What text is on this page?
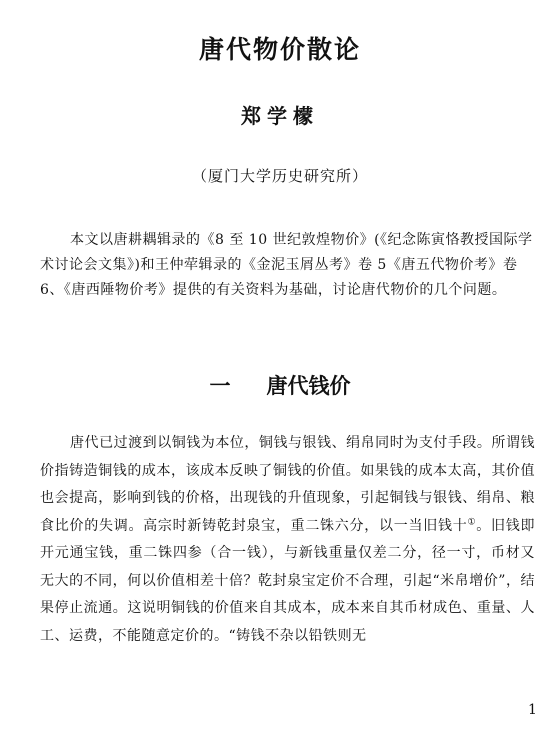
唐代物价散论
郑学檬
（厦门大学历史研究所）

本文以唐耕耦辑录的《8 至 10 世纪敦煌物价》(《纪念陈寅恪教授国际学术讨论会文集》)和王仲荦辑录的《金泥玉屑丛考》卷 5《唐五代物价考》卷 6、《唐西陲物价考》提供的有关资料为基础，讨论唐代物价的几个问题。

一 唐代钱价

唐代已过渡到以铜钱为本位，铜钱与银钱、绢帛同时为支付手段。所谓钱价指铸造铜钱的成本，该成本反映了铜钱的价值。如果钱的成本太高，其价值也会提高，影响到钱的价格，出现钱的升值现象，引起铜钱与银钱、绢帛、粮食比价的失调。高宗时新铸乾封泉宝，重二铢六分，以一当旧钱十①。旧钱即开元通宝钱，重二铢四参（合一钱），与新钱重量仅差二分，径一寸，币材又无大的不同，何以价值相差十倍？乾封泉宝定价不合理，引起“米帛增价”，结果停止流通。这说明铜钱的价值来自其成本，成本来自其币材成色、重量、人工、运费，不能随意定价的。“铸钱不杂以铅铁则无

1
